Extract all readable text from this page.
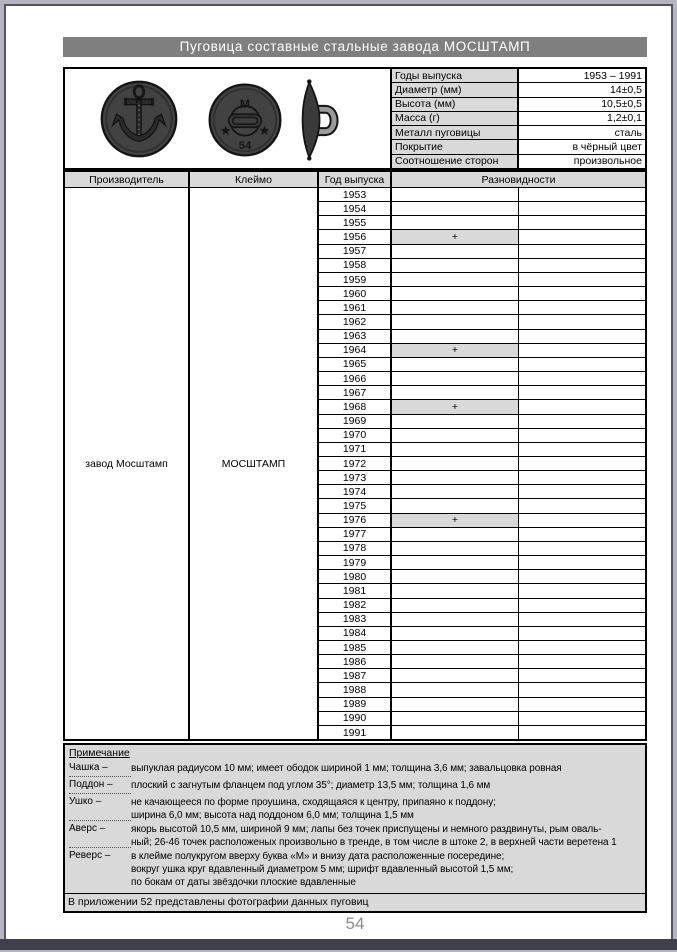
Пуговица составные стальные завода МОСШТАМП
М
54
Годы выпуска	1953 – 1991
Диаметр (мм)	14±0,5
Высота (мм)	10,5±0,5
Масса (г)	1,2±0,1
Металл пуговицы	сталь
Покрытие	в чёрный цвет
Соотношение сторон	произвольное
Производитель	Клеймо	Год выпуска	Разновидности
завод Мосштамп	МОСШТАМП
1953
1954
1955
1956	+
1957
1958
1959
1960
1961
1962
1963
1964	+
1965
1966
1967
1968	+
1969
1970
1971
1972
1973
1974
1975
1976	+
1977
1978
1979
1980
1981
1982
1983
1984
1985
1986
1987
1988
1989
1990
1991
Примечание
Чашка –	выпуклая радиусом 10 мм; имеет ободок шириной 1 мм; толщина 3,6 мм; завальцовка ровная
Поддон –	плоский с загнутым фланцем под углом 35°; диаметр 13,5 мм; толщина 1,6 мм
Ушко –	не качающееся по форме проушина, сходящаяся к центру, припаяно к поддону;
ширина 6,0 мм; высота над поддоном 6,0 мм; толщина 1,5 мм
Аверс –	якорь высотой 10,5 мм, шириной 9 мм; лапы без точек приспущены и немного раздвинуты, рым оваль-
ный; 26-46 точек расположеных произвольно в тренде, в том числе в штоке 2, в верхней части веретена 1
Реверс –	в клейме полукругом вверху буква «М» и внизу дата расположенные посередине;
вокруг ушка круг вдавленный диаметром 5 мм; шрифт вдавленный высотой 1,5 мм;
по бокам от даты звёздочки плоские вдавленные
В приложении 52 представлены фотографии данных пуговиц
54
